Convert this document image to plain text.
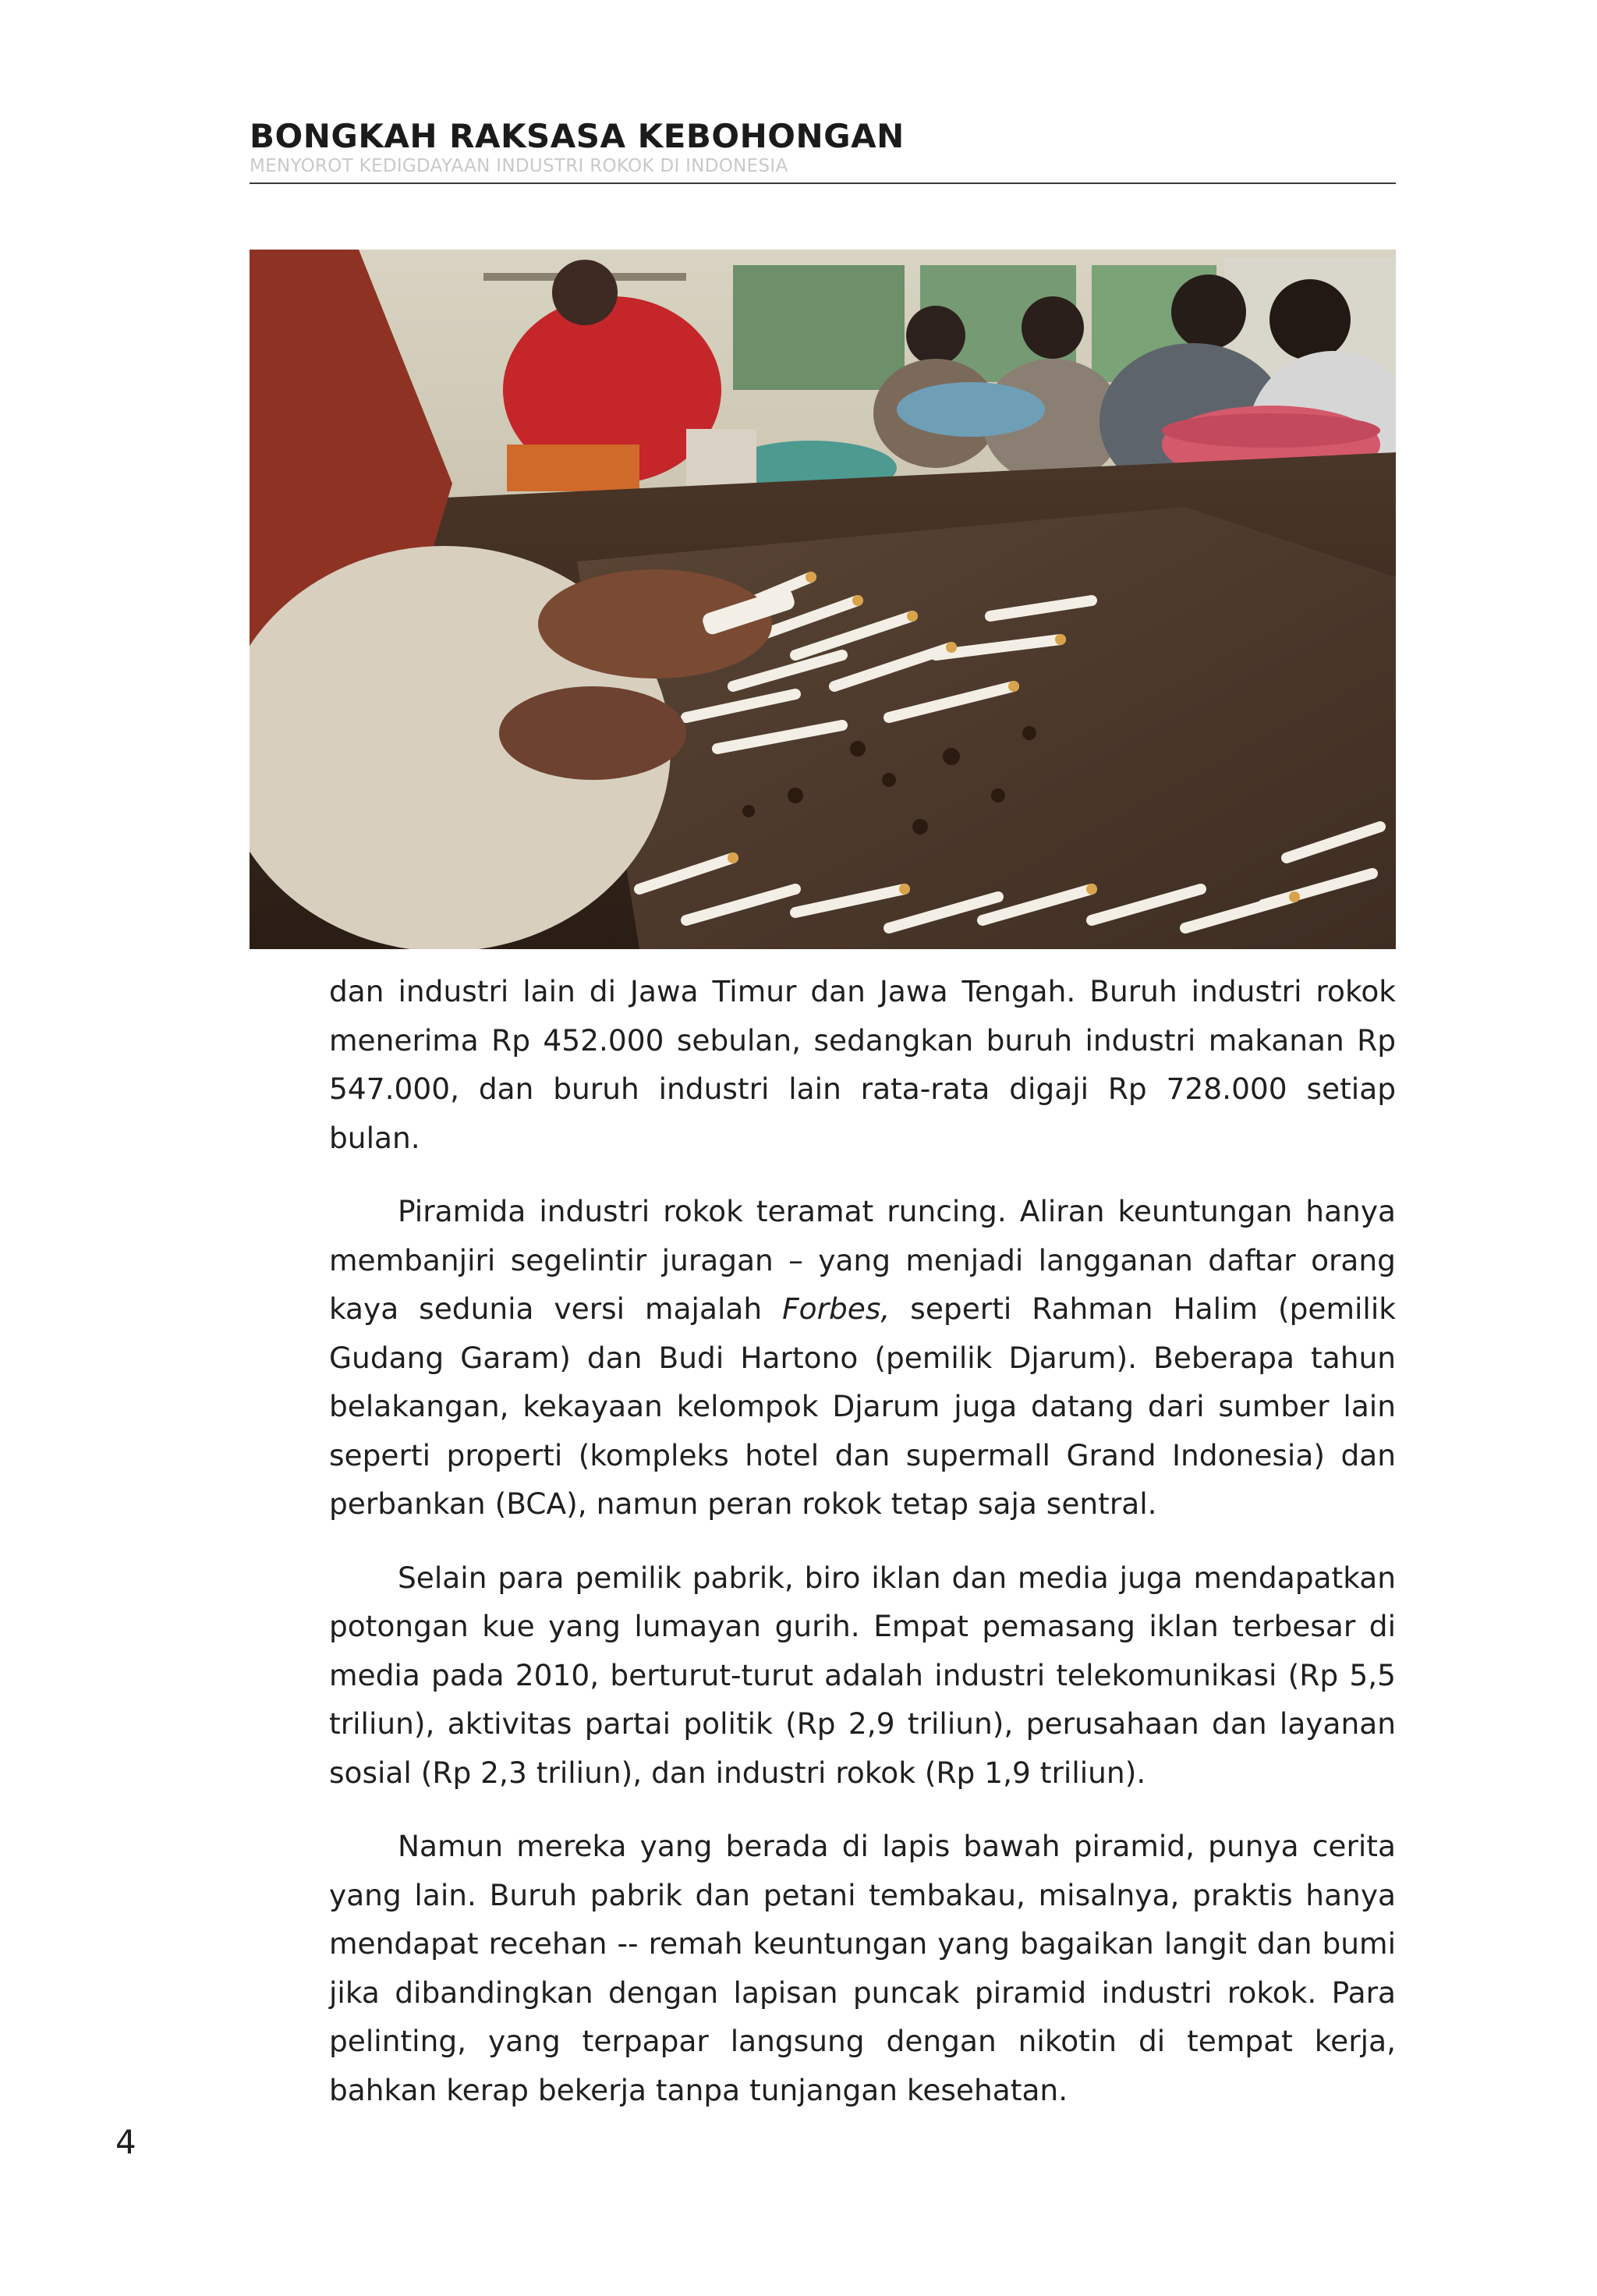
BONGKAH RAKSASA KEBOHONGAN
MENYOROT KEDIGDAYAAN INDUSTRI ROKOK DI INDONESIA

dan industri lain di Jawa Timur dan Jawa Tengah. Buruh industri rokok menerima Rp 452.000 sebulan, sedangkan buruh industri makanan Rp 547.000, dan buruh industri lain rata-rata digaji Rp 728.000 setiap bulan.

Piramida industri rokok teramat runcing. Aliran keuntungan hanya membanjiri segelintir juragan – yang menjadi langganan daftar orang kaya sedunia versi majalah Forbes, seperti Rahman Halim (pemilik Gudang Garam) dan Budi Hartono (pemilik Djarum). Beberapa tahun belakangan, kekayaan kelompok Djarum juga datang dari sumber lain seperti properti (kompleks hotel dan supermall Grand Indonesia) dan perbankan (BCA), namun peran rokok tetap saja sentral.

Selain para pemilik pabrik, biro iklan dan media juga mendapatkan potongan kue yang lumayan gurih. Empat pemasang iklan terbesar di media pada 2010, berturut-turut adalah industri telekomunikasi (Rp 5,5 triliun), aktivitas partai politik (Rp 2,9 triliun), perusahaan dan layanan sosial (Rp 2,3 triliun), dan industri rokok (Rp 1,9 triliun).

Namun mereka yang berada di lapis bawah piramid, punya cerita yang lain. Buruh pabrik dan petani tembakau, misalnya, praktis hanya mendapat recehan -- remah keuntungan yang bagaikan langit dan bumi jika dibandingkan dengan lapisan puncak piramid industri rokok. Para pelinting, yang terpapar langsung dengan nikotin di tempat kerja, bahkan kerap bekerja tanpa tunjangan kesehatan.

4
